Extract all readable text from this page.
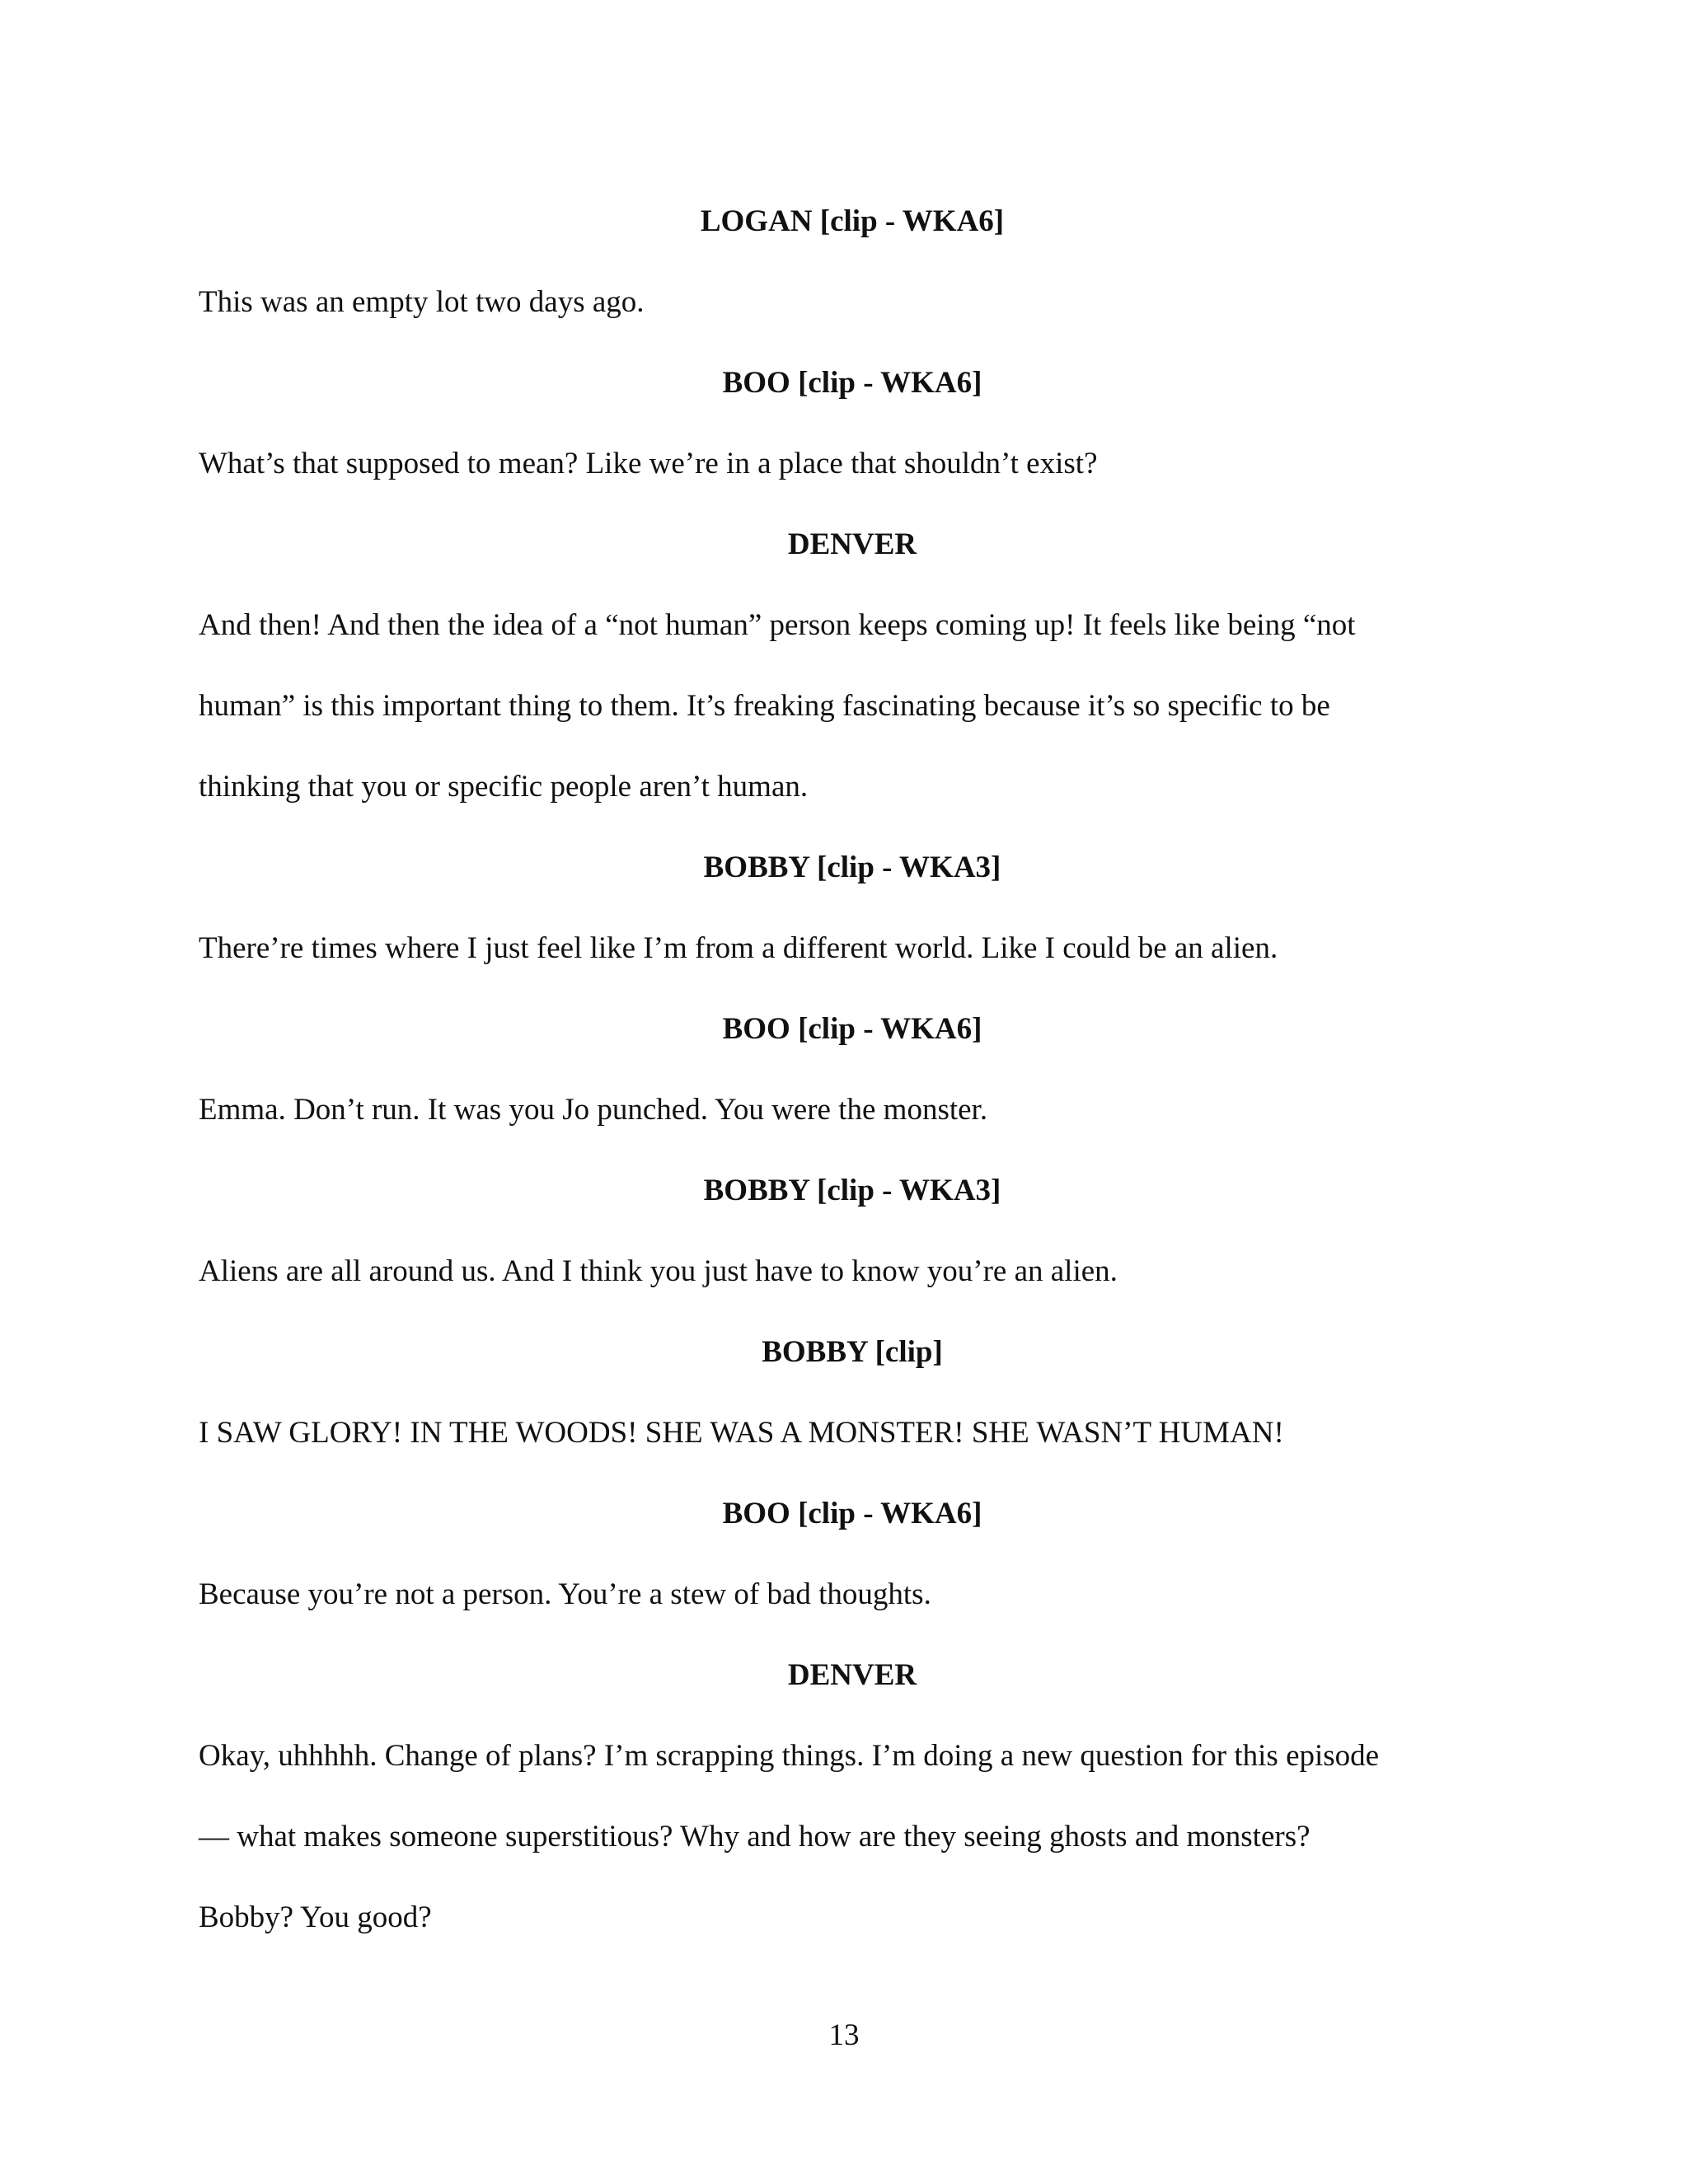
LOGAN [clip - WKA6]
This was an empty lot two days ago.
BOO [clip - WKA6]
What’s that supposed to mean? Like we’re in a place that shouldn’t exist?
DENVER
And then! And then the idea of a “not human” person keeps coming up! It feels like being “not
human” is this important thing to them. It’s freaking fascinating because it’s so specific to be
thinking that you or specific people aren’t human.
BOBBY [clip - WKA3]
There’re times where I just feel like I’m from a different world. Like I could be an alien.
BOO [clip - WKA6]
Emma. Don’t run. It was you Jo punched. You were the monster.
BOBBY [clip - WKA3]
Aliens are all around us. And I think you just have to know you’re an alien.
BOBBY [clip]
I SAW GLORY! IN THE WOODS! SHE WAS A MONSTER! SHE WASN’T HUMAN!
BOO [clip - WKA6]
Because you’re not a person. You’re a stew of bad thoughts.
DENVER
Okay, uhhhhh. Change of plans? I’m scrapping things. I’m doing a new question for this episode
— what makes someone superstitious? Why and how are they seeing ghosts and monsters?
Bobby? You good?
13
